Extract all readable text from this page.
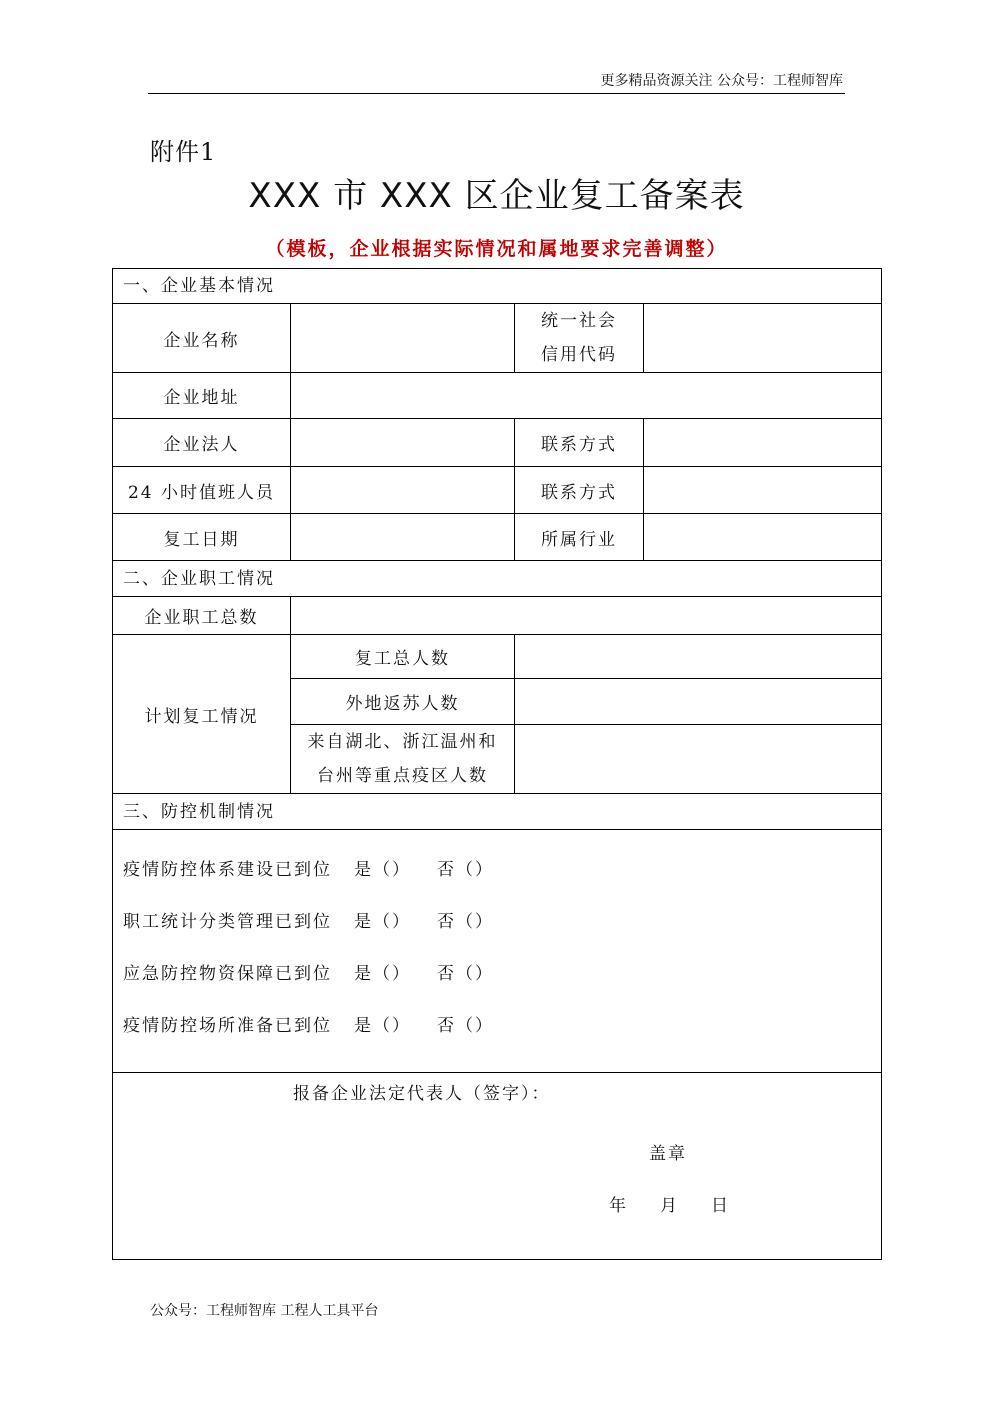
更多精品资源关注 公众号：工程师智库
附件1
XXX 市 XXX 区企业复工备案表
（模板，企业根据实际情况和属地要求完善调整）
一、企业基本情况			
企业名称		统一社会
信用代码	

企业地址			
企业法人		联系方式	
24 小时值班人员		联系方式	
复工日期		所属行业	
二、企业职工情况			
企业职工总数			
计划复工情况	复工总人数		
	外地返苏人数		

	来自湖北、浙江温州和
台州等重点疫区人数		

三、防控机制情况			

疫情防控体系建设已到位 是（） 否（）
职工统计分类管理已到位 是（） 否（）
应急防控物资保障已到位 是（） 否（）
疫情防控场所准备已到位 是（） 否（）			

报备企业法定代表人（签字）：
盖章
年 月 日			
公众号：工程师智库 工程人工具平台
